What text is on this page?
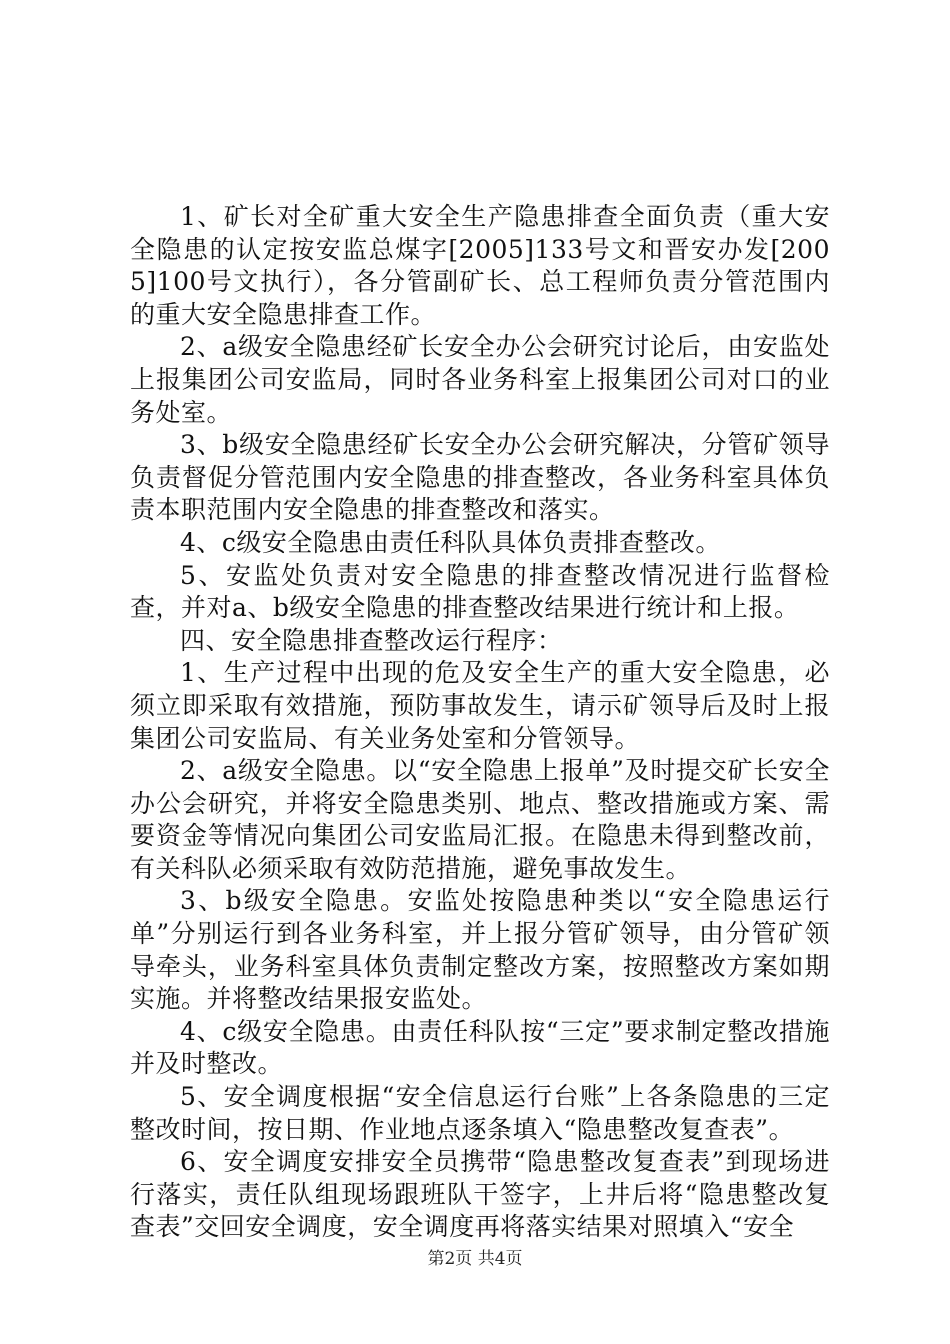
1、矿长对全矿重大安全生产隐患排查全面负责（重大安全隐患的认定按安监总煤字[2005]133号文和晋安办发[2005]100号文执行），各分管副矿长、总工程师负责分管范围内的重大安全隐患排查工作。

2、a级安全隐患经矿长安全办公会研究讨论后，由安监处上报集团公司安监局，同时各业务科室上报集团公司对口的业务处室。

3、b级安全隐患经矿长安全办公会研究解决，分管矿领导负责督促分管范围内安全隐患的排查整改，各业务科室具体负责本职范围内安全隐患的排查整改和落实。

4、c级安全隐患由责任科队具体负责排查整改。

5、安监处负责对安全隐患的排查整改情况进行监督检查，并对a、b级安全隐患的排查整改结果进行统计和上报。

四、安全隐患排查整改运行程序：

1、生产过程中出现的危及安全生产的重大安全隐患，必须立即采取有效措施，预防事故发生，请示矿领导后及时上报集团公司安监局、有关业务处室和分管领导。

2、a级安全隐患。以“安全隐患上报单”及时提交矿长安全办公会研究，并将安全隐患类别、地点、整改措施或方案、需要资金等情况向集团公司安监局汇报。在隐患未得到整改前，有关科队必须采取有效防范措施，避免事故发生。

3、b级安全隐患。安监处按隐患种类以“安全隐患运行单”分别运行到各业务科室，并上报分管矿领导，由分管矿领导牵头，业务科室具体负责制定整改方案，按照整改方案如期实施。并将整改结果报安监处。

4、c级安全隐患。由责任科队按“三定”要求制定整改措施并及时整改。

5、安全调度根据“安全信息运行台账”上各条隐患的三定整改时间，按日期、作业地点逐条填入“隐患整改复查表”。

6、安全调度安排安全员携带“隐患整改复查表”到现场进行落实，责任队组现场跟班队干签字，上井后将“隐患整改复查表”交回安全调度，安全调度再将落实结果对照填入“安全

第2页 共4页
